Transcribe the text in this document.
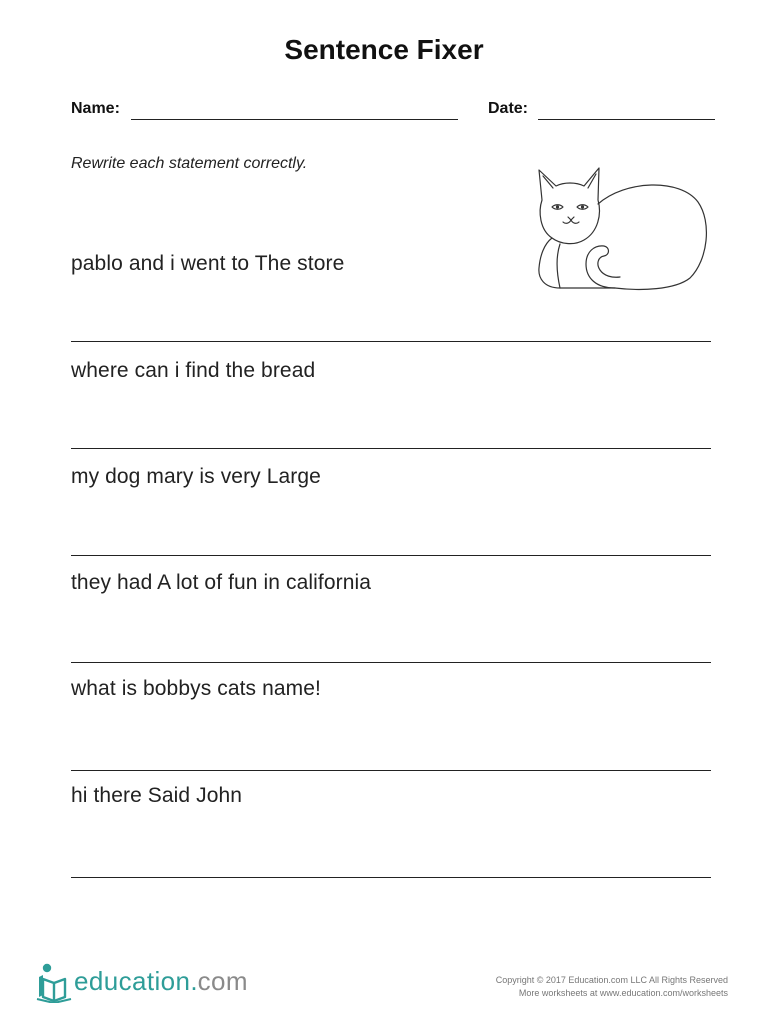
Sentence Fixer
Name:	Date:
Rewrite each statement correctly.
pablo and i went to The store
where can i find the bread
my dog mary is very Large
they had A lot of fun in california
what is bobbys cats name!
hi there Said John
education . com	Copyright © 2017 Education.com LLC All Rights Reserved
More worksheets at www.education.com/worksheets
